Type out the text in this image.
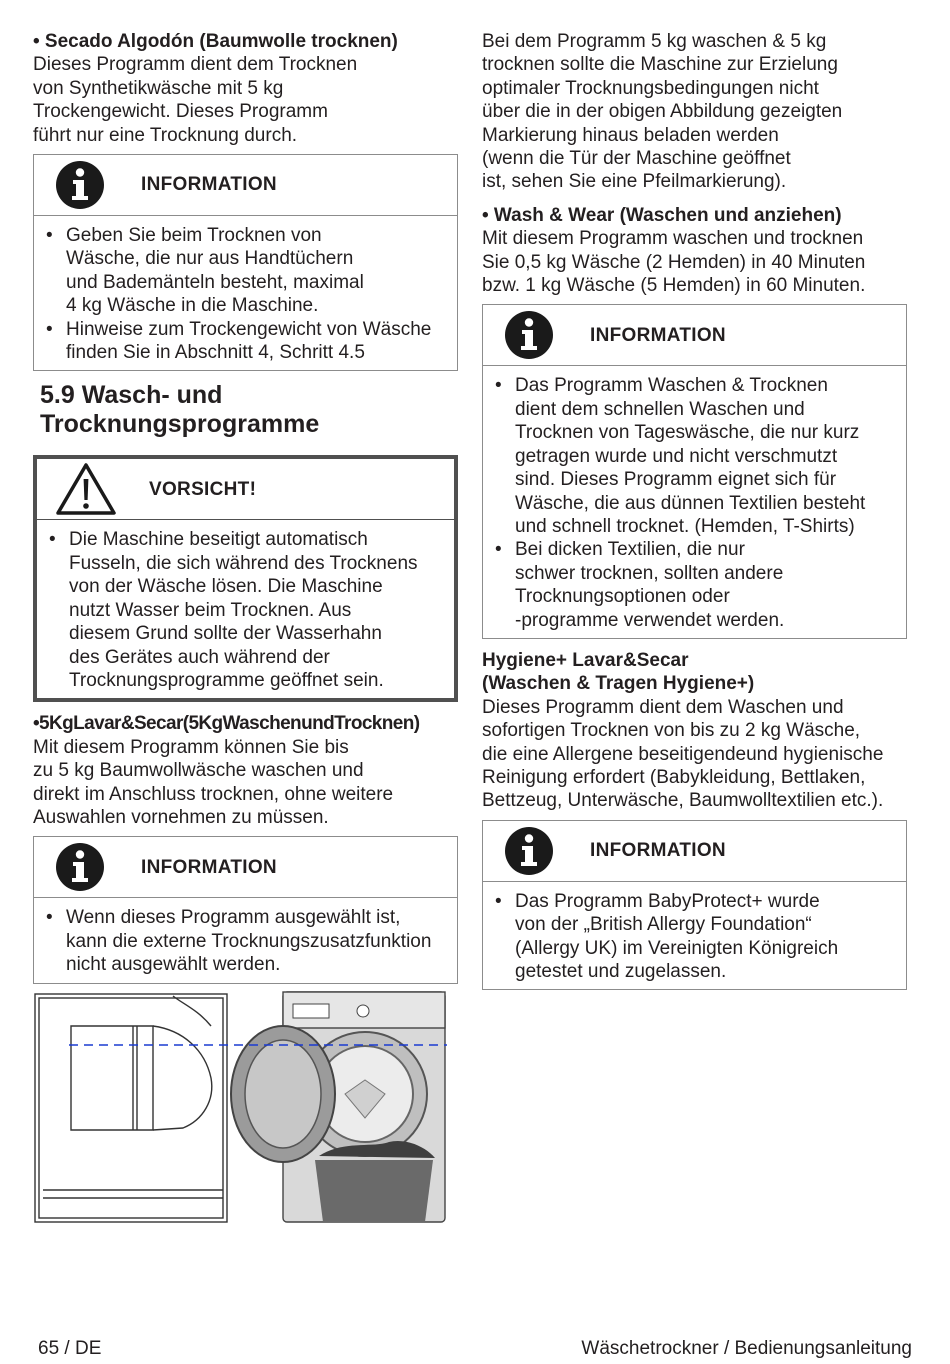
• Secado Algodón (Baumwolle trocknen)

Dieses Programm dient dem Trocknen
von Synthetikwäsche mit 5 kg
Trockengewicht. Dieses Programm
führt nur eine Trocknung durch.

INFORMATION
• Geben Sie beim Trocknen von
Wäsche, die nur aus Handtüchern
und Bademänteln besteht, maximal
4 kg Wäsche in die Maschine.
• Hinweise zum Trockengewicht von Wäsche
finden Sie in Abschnitt 4, Schritt 4.5

5.9 Wasch- und
Trocknungsprogramme

VORSICHT!
• Die Maschine beseitigt automatisch
Fusseln, die sich während des Trocknens
von der Wäsche lösen. Die Maschine
nutzt Wasser beim Trocknen. Aus
diesem Grund sollte der Wasserhahn
des Gerätes auch während der
Trocknungsprogramme geöffnet sein.

•5KgLavar&Secar(5KgWaschenundTrocknen)

Mit diesem Programm können Sie bis
zu 5 kg Baumwollwäsche waschen und
direkt im Anschluss trocknen, ohne weitere
Auswahlen vornehmen zu müssen.

INFORMATION
• Wenn dieses Programm ausgewählt ist,
kann die externe Trocknungszusatzfunktion
nicht ausgewählt werden.

Bei dem Programm 5 kg waschen & 5 kg
trocknen sollte die Maschine zur Erzielung
optimaler Trocknungsbedingungen nicht
über die in der obigen Abbildung gezeigten
Markierung hinaus beladen werden
(wenn die Tür der Maschine geöffnet
ist, sehen Sie eine Pfeilmarkierung).

• Wash & Wear (Waschen und anziehen)

Mit diesem Programm waschen und trocknen
Sie 0,5 kg Wäsche (2 Hemden) in 40 Minuten
bzw. 1 kg Wäsche (5 Hemden) in 60 Minuten.

INFORMATION
• Das Programm Waschen & Trocknen
dient dem schnellen Waschen und
Trocknen von Tageswäsche, die nur kurz
getragen wurde und nicht verschmutzt
sind. Dieses Programm eignet sich für
Wäsche, die aus dünnen Textilien besteht
und schnell trocknet. (Hemden, T-Shirts)
• Bei dicken Textilien, die nur
schwer trocknen, sollten andere
Trocknungsoptionen oder
-programme verwendet werden.

Hygiene+ Lavar&Secar
(Waschen & Tragen Hygiene+)

Dieses Programm dient dem Waschen und
sofortigen Trocknen von bis zu 2 kg Wäsche,
die eine Allergene beseitigendeund hygienische
Reinigung erfordert (Babykleidung, Bettlaken,
Bettzeug, Unterwäsche, Baumwolltextilien etc.).

INFORMATION
• Das Programm BabyProtect+ wurde
von der „British Allergy Foundation“
(Allergy UK) im Vereinigten Königreich
getestet und zugelassen.
65 / DE	Wäschetrockner / Bedienungsanleitung
